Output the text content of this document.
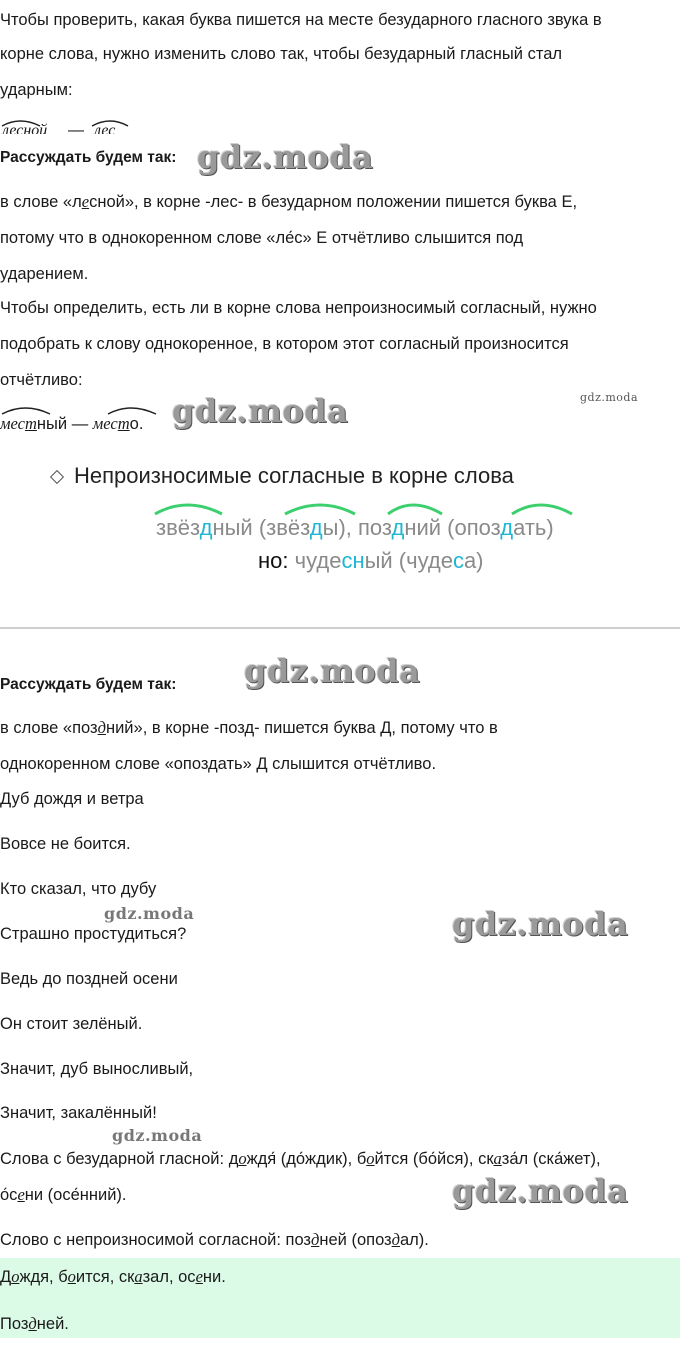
Чтобы проверить, какая буква пишется на месте безударного гласного звука в
корне слова, нужно изменить слово так, чтобы безударный гласный стал
ударным:
лесной — лес
Рассуждать будем так: gdz.moda
в слове «лесной», в корне -лес- в безударном положении пишется буква Е,
потому что в однокоренном слове «ле́с» Е отчётливо слышится под
ударением.
Чтобы определить, есть ли в корне слова непроизносимый согласный, нужно
подобрать к слову однокоренное, в котором этот согласный произносится
отчётливо:
gdz.moda
местный — место. gdz.moda
Непроизносимые согласные в корне слова
звёздный (звёзды), поздний (опоздать)
но: чудесный (чудеса)
Рассуждать будем так: gdz.moda
в слове «поздний», в корне -позд- пишется буква Д, потому что в
однокоренном слове «опоздать» Д слышится отчётливо.
Дуб дождя и ветра
Вовсе не боится.
Кто сказал, что дубу
gdz.moda
Страшно простудиться?	gdz.moda
Ведь до поздней осени
Он стоит зелёный.
Значит, дуб выносливый,
Значит, закалённый!
gdz.moda
Слова с безударной гласной: дождя́ (до́ждик), бойтся (бо́йся), сказа́л (ска́жет),
о́сени (осе́нний).	gdz.moda
Слово с непроизносимой согласной: поздней (опоздал).
Дождя, боится, сказал, осени.
Поздней.
